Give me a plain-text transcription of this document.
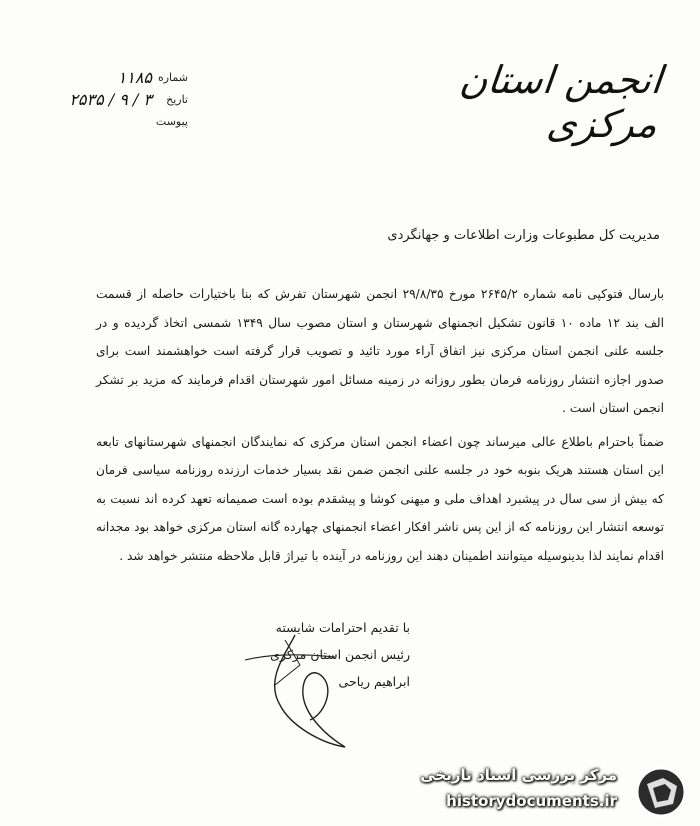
انجمن استان مرکزی
شماره
۱۱۸۵
تاریخ
۳ / ۹ / ۲۵۳۵
پیوست
مدیریت کل مطبوعات وزارت اطلاعات و جهانگردی

بارسال فتوکپی نامه شماره ۲۶۴۵/۲ مورخ ۲۹/۸/۳۵ انجمن شهرستان تفرش که بنا باختیارات حاصله از قسمت الف بند ۱۲ ماده ۱۰ قانون تشکیل انجمنهای شهرستان و استان مصوب سال ۱۳۴۹ شمسی اتخاذ گردیده و در جلسه علنی انجمن استان مرکزی نیز اتفاق آراء مورد تائید و تصویب قرار گرفته است خواهشمند است برای صدور اجازه انتشار روزنامه فرمان بطور روزانه در زمینه مسائل امور شهرستان اقدام فرمایند که مزید بر تشکر انجمن استان است .

ضمناً باحترام باطلاع عالی میرساند چون اعضاء انجمن استان مرکزی که نمایندگان انجمنهای شهرستانهای تابعه این استان هستند هریک بنوبه خود در جلسه علنی انجمن ضمن نقد بسیار خدمات ارزنده روزنامه سیاسی فرمان که بیش از سی سال در پیشبرد اهداف ملی و میهنی کوشا و پیشقدم بوده است صمیمانه تعهد کرده اند نسبت به توسعه انتشار این روزنامه که از این پس ناشر افکار اعضاء انجمنهای چهارده گانه استان مرکزی خواهد بود مجدانه اقدام نمایند لذا بدینوسیله میتوانند اطمینان دهند این روزنامه در آینده با تیراژ قابل ملاحظه منتشر خواهد شد .

با تقدیم احترامات شایسته
رئیس انجمن استان مرکزی
ابراهیم ریاحی
مرکز بررسی اسناد تاریخی
historydocuments.ir
